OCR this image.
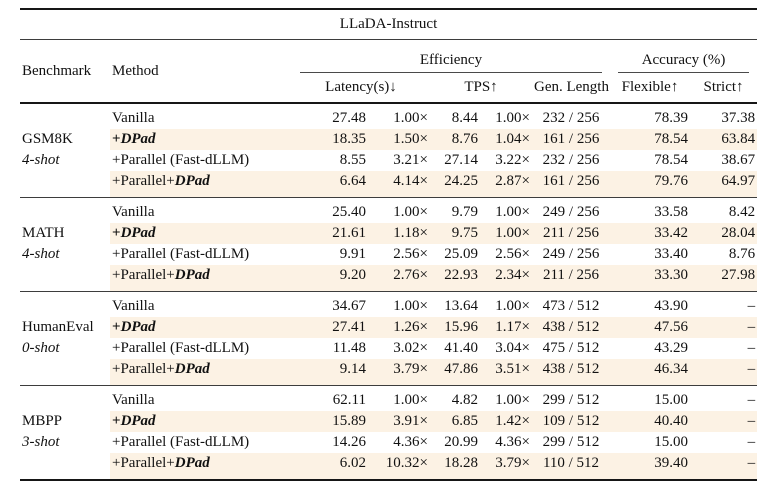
LLaDA-Instruct								
Benchmark	Method	Efficiency					Accuracy (%)	

		Latency(s)↓		TPS↑		Gen. Length	Flexible↑	Strict↑
	Vanilla	27.48	1.00×	8.44	1.00×	232 / 256	78.39	37.38
GSM8K	+DPad	18.35	1.50×	8.76	1.04×	161 / 256	78.54	63.84
4-shot	+Parallel (Fast-dLLM)	8.55	3.21×	27.14	3.22×	232 / 256	78.54	38.67
	+Parallel+DPad	6.64	4.14×	24.25	2.87×	161 / 256	79.76	64.97
	Vanilla	25.40	1.00×	9.79	1.00×	249 / 256	33.58	8.42
MATH	+DPad	21.61	1.18×	9.75	1.00×	211 / 256	33.42	28.04
4-shot	+Parallel (Fast-dLLM)	9.91	2.56×	25.09	2.56×	249 / 256	33.40	8.76
	+Parallel+DPad	9.20	2.76×	22.93	2.34×	211 / 256	33.30	27.98
	Vanilla	34.67	1.00×	13.64	1.00×	473 / 512	43.90	–
HumanEval	+DPad	27.41	1.26×	15.96	1.17×	438 / 512	47.56	–
0-shot	+Parallel (Fast-dLLM)	11.48	3.02×	41.40	3.04×	475 / 512	43.29	–
	+Parallel+DPad	9.14	3.79×	47.86	3.51×	438 / 512	46.34	–
	Vanilla	62.11	1.00×	4.82	1.00×	299 / 512	15.00	–
MBPP	+DPad	15.89	3.91×	6.85	1.42×	109 / 512	40.40	–
3-shot	+Parallel (Fast-dLLM)	14.26	4.36×	20.99	4.36×	299 / 512	15.00	–
	+Parallel+DPad	6.02	10.32×	18.28	3.79×	110 / 512	39.40	–
